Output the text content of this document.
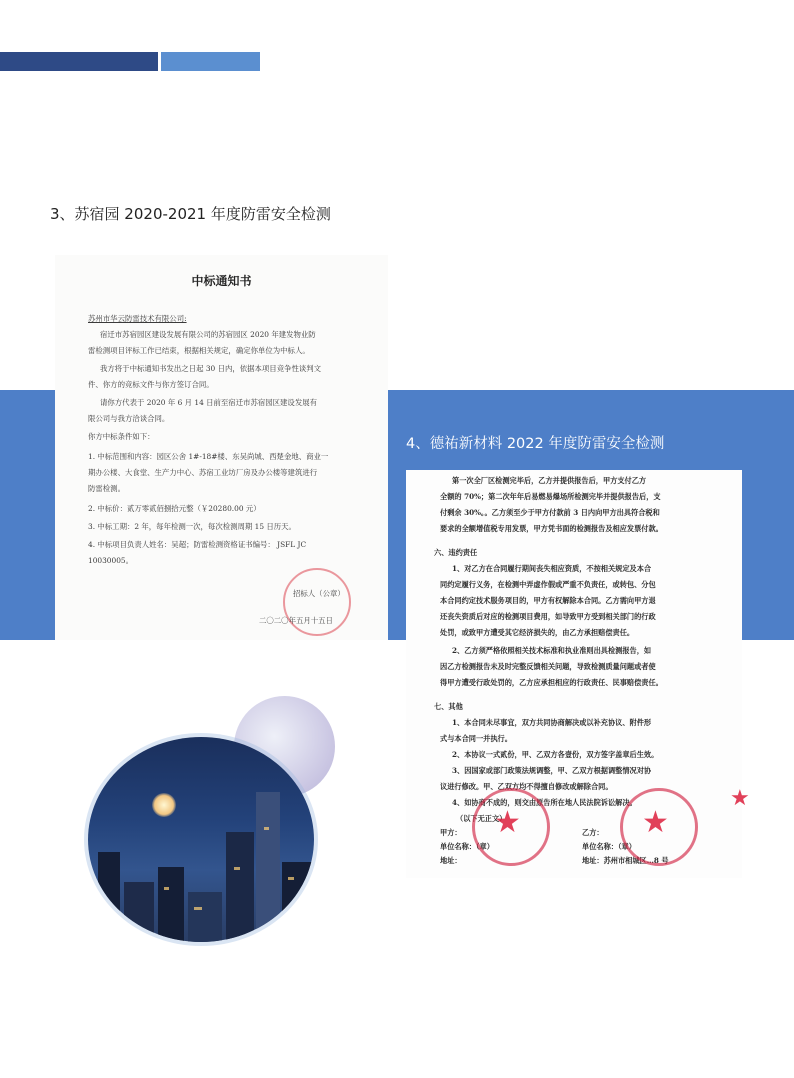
3、苏宿园 2020-2021 年度防雷安全检测
4、德祐新材料 2022 年度防雷安全检测
中标通知书
苏州市华云防雷技术有限公司:
宿迁市苏宿园区建设发展有限公司的苏宿园区 2020 年建发物业防
雷检测项目评标工作已结束，根据相关规定，确定你单位为中标人。
我方将于中标通知书发出之日起 30 日内，依据本项目竞争性谈判文
件、你方的竞标文件与你方签订合同。
请你方代表于 2020 年 6 月 14 日前至宿迁市苏宿园区建设发展有
限公司与我方洽谈合同。
你方中标条件如下：
1. 中标范围和内容：园区公舍 1#-18#楼、东吴尚城、西楚金地、商业一
期办公楼、大食堂、生产力中心、苏宿工业坊厂房及办公楼等建筑进行
防雷检测。
2. 中标价：贰万零贰佰捌拾元整（￥20280.00 元）
3. 中标工期：2 年，每年检测一次，每次检测周期 15 日历天。
4. 中标项目负责人姓名：吴超；防雷检测资格证书编号： JSFL JC
10030005。
招标人（公章）
二〇二〇年五月十五日
第一次全厂区检测完毕后，乙方并提供报告后，甲方支付乙方
全额的 70%；第二次年年后易燃易爆场所检测完毕并提供报告后，支
付剩余 30%。。乙方须至少于甲方付款前 3 日内向甲方出具符合税和
要求的全额增值税专用发票，甲方凭书面的检测报告及相应发票付款。
六、违约责任
1、对乙方在合同履行期间丧失相应资质，不按相关规定及本合
同约定履行义务，在检测中弄虚作假或严重不负责任，或转包、分包
本合同约定技术服务项目的，甲方有权解除本合同。乙方需向甲方退
还丧失资质后对应的检测项目费用，如导致甲方受到相关部门的行政
处罚，或致甲方遭受其它经济损失的，由乙方承担赔偿责任。
2、乙方须严格依照相关技术标准和执业准则出具检测报告，如
因乙方检测报告未及时完整反馈相关问题，导致检测质量问题或者使
得甲方遭受行政处罚的，乙方应承担相应的行政责任、民事赔偿责任。
七、其他
1、本合同未尽事宜，双方共同协商解决或以补充协议、附件形
式与本合同一并执行。
2、本协议一式贰份，甲、乙双方各壹份，双方签字盖章后生效。
3、因国家或部门政策法规调整，甲、乙双方根据调整情况对协
议进行修改。甲、乙双方均不得擅自修改或解除合同。
4、如协商不成的，则交由原告所在地人民法院诉讼解决。
（以下无正文）
甲方：
单位名称：（章）
地址：
单位名称：（章）
乙方：
地址：苏州市相城区…8 号
★	★
★
